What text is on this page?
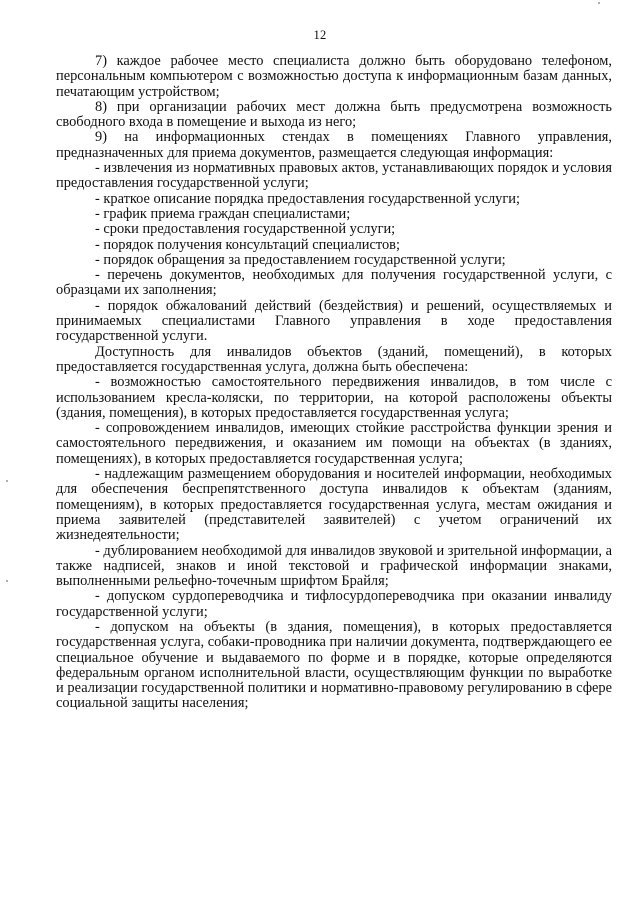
12

7) каждое рабочее место специалиста должно быть оборудовано телефоном, персональным компьютером с возможностью доступа к информационным базам данных, печатающим устройством;

8) при организации рабочих мест должна быть предусмотрена возможность свободного входа в помещение и выхода из него;

9) на информационных стендах в помещениях Главного управления, предназначенных для приема документов, размещается следующая информация:

- извлечения из нормативных правовых актов, устанавливающих порядок и условия предоставления государственной услуги;

- краткое описание порядка предоставления государственной услуги;

- график приема граждан специалистами;

- сроки предоставления государственной услуги;

- порядок получения консультаций специалистов;

- порядок обращения за предоставлением государственной услуги;

- перечень документов, необходимых для получения государственной услуги, с образцами их заполнения;

- порядок обжалований действий (бездействия) и решений, осуществляемых и принимаемых специалистами Главного управления в ходе предоставления государственной услуги.

Доступность для инвалидов объектов (зданий, помещений), в которых предоставляется государственная услуга, должна быть обеспечена:

- возможностью самостоятельного передвижения инвалидов, в том числе с использованием кресла-коляски, по территории, на которой расположены объекты (здания, помещения), в которых предоставляется государственная услуга;

- сопровождением инвалидов, имеющих стойкие расстройства функции зрения и самостоятельного передвижения, и оказанием им помощи на объектах (в зданиях, помещениях), в которых предоставляется государственная услуга;

- надлежащим размещением оборудования и носителей информации, необходимых для обеспечения беспрепятственного доступа инвалидов к объектам (зданиям, помещениям), в которых предоставляется государственная услуга, местам ожидания и приема заявителей (представителей заявителей) с учетом ограничений их жизнедеятельности;

- дублированием необходимой для инвалидов звуковой и зрительной информации, а также надписей, знаков и иной текстовой и графической информации знаками, выполненными рельефно-точечным шрифтом Брайля;

- допуском сурдопереводчика и тифлосурдопереводчика при оказании инвалиду государственной услуги;

- допуском на объекты (в здания, помещения), в которых предоставляется государственная услуга, собаки-проводника при наличии документа, подтверждающего ее специальное обучение и выдаваемого по форме и в порядке, которые определяются федеральным органом исполнительной власти, осуществляющим функции по выработке и реализации государственной политики и нормативно-правовому регулированию в сфере социальной защиты населения;
